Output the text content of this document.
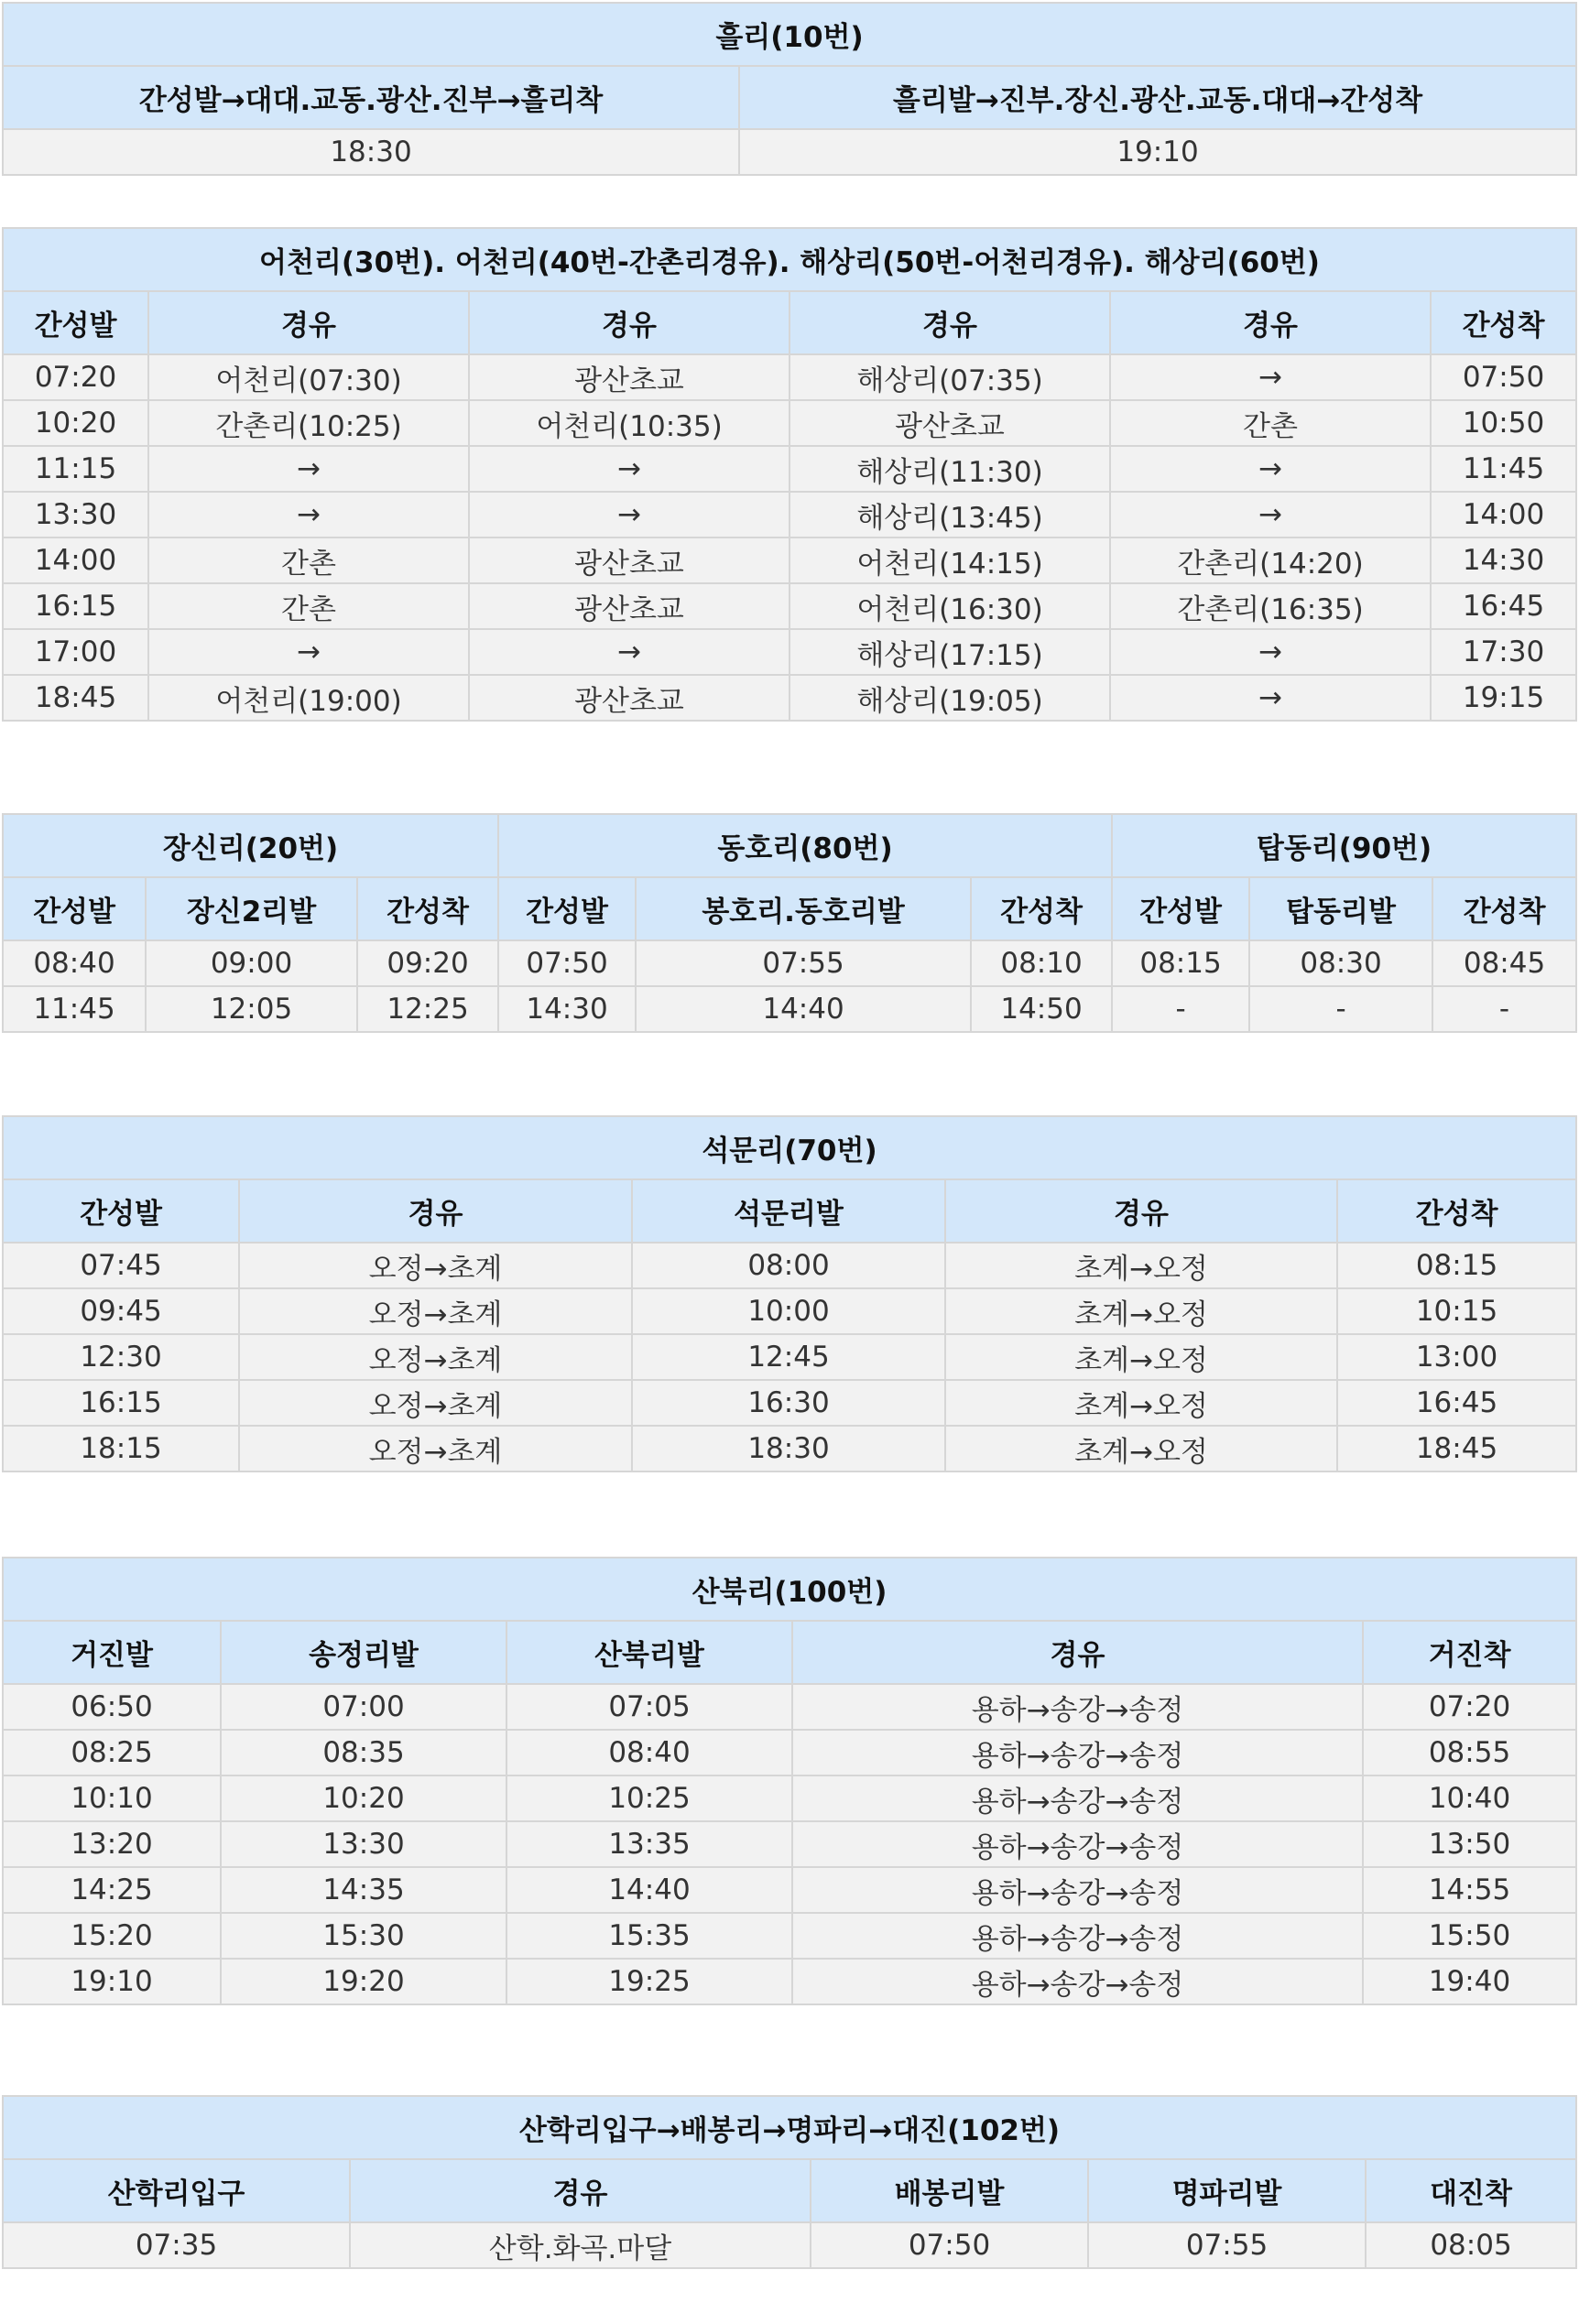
흘리(10번)	
간성발→대대.교동.광산.진부→흘리착	흘리발→진부.장신.광산.교동.대대→간성착
18:30	19:10
어천리(30번). 어천리(40번-간촌리경유). 해상리(50번-어천리경유). 해상리(60번)					
간성발	경유	경유	경유	경유	간성착
07:20	어천리(07:30)	광산초교	해상리(07:35)	→	07:50
10:20	간촌리(10:25)	어천리(10:35)	광산초교	간촌	10:50
11:15	→	→	해상리(11:30)	→	11:45
13:30	→	→	해상리(13:45)	→	14:00
14:00	간촌	광산초교	어천리(14:15)	간촌리(14:20)	14:30
16:15	간촌	광산초교	어천리(16:30)	간촌리(16:35)	16:45
17:00	→	→	해상리(17:15)	→	17:30
18:45	어천리(19:00)	광산초교	해상리(19:05)	→	19:15
장신리(20번)			동호리(80번)			탑동리(90번)		
간성발	장신2리발	간성착	간성발	봉호리.동호리발	간성착	간성발	탑동리발	간성착
08:40	09:00	09:20	07:50	07:55	08:10	08:15	08:30	08:45
11:45	12:05	12:25	14:30	14:40	14:50	-	-	-
석문리(70번)				
간성발	경유	석문리발	경유	간성착
07:45	오정→초계	08:00	초계→오정	08:15
09:45	오정→초계	10:00	초계→오정	10:15
12:30	오정→초계	12:45	초계→오정	13:00
16:15	오정→초계	16:30	초계→오정	16:45
18:15	오정→초계	18:30	초계→오정	18:45
산북리(100번)				
거진발	송정리발	산북리발	경유	거진착
06:50	07:00	07:05	용하→송강→송정	07:20
08:25	08:35	08:40	용하→송강→송정	08:55
10:10	10:20	10:25	용하→송강→송정	10:40
13:20	13:30	13:35	용하→송강→송정	13:50
14:25	14:35	14:40	용하→송강→송정	14:55
15:20	15:30	15:35	용하→송강→송정	15:50
19:10	19:20	19:25	용하→송강→송정	19:40
산학리입구→배봉리→명파리→대진(102번)				
산학리입구	경유	배봉리발	명파리발	대진착
07:35	산학.화곡.마달	07:50	07:55	08:05
